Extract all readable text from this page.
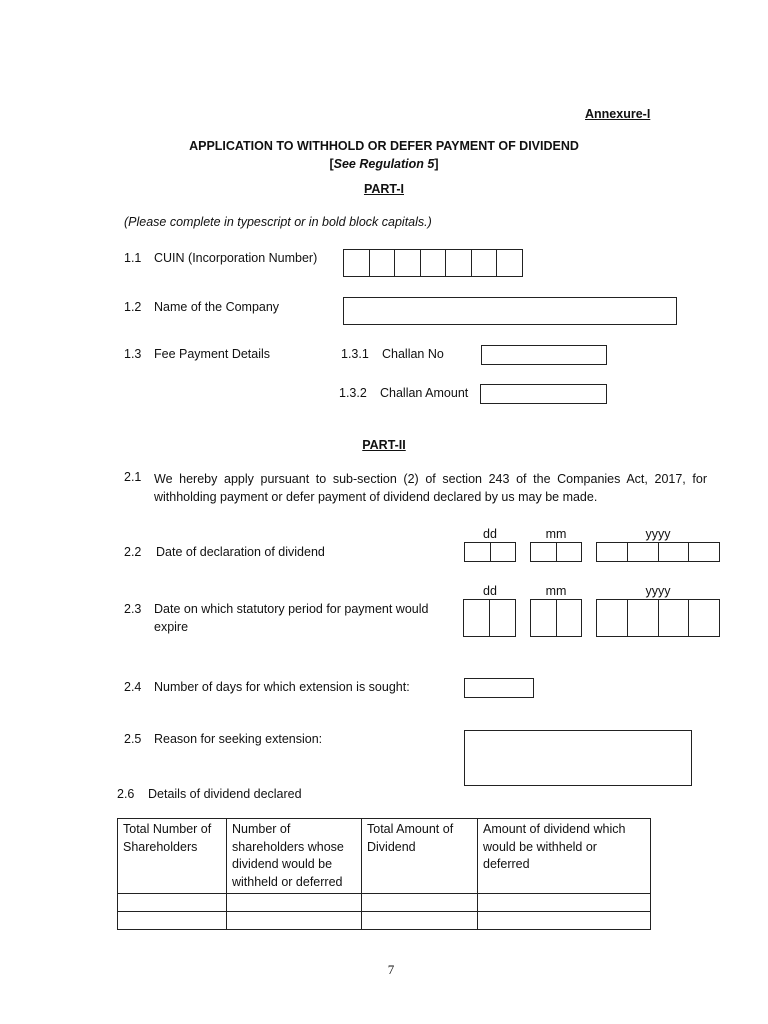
Annexure-I
APPLICATION TO WITHHOLD OR DEFER PAYMENT OF DIVIDEND
[See Regulation 5]
PART-I
(Please complete in typescript or in bold block capitals.)
1.1 CUIN (Incorporation Number)
1.2 Name of the Company
1.3 Fee Payment Details	1.3.1 Challan No
1.3.2 Challan Amount
PART-II
2.1 We hereby apply pursuant to sub-section (2) of section 243 of the Companies Act, 2017, for withholding payment or defer payment of dividend declared by us may be made.
dd	mm	yyyy
2.2 Date of declaration of dividend
dd	mm	yyyy
2.3 Date on which statutory period for payment would
expire
2.4 Number of days for which extension is sought:
2.5 Reason for seeking extension:
2.6 Details of dividend declared
Total Number of Shareholders	Number of shareholders whose dividend would be withheld or deferred	Total Amount of Dividend	Amount of dividend which would be withheld or deferred

7
